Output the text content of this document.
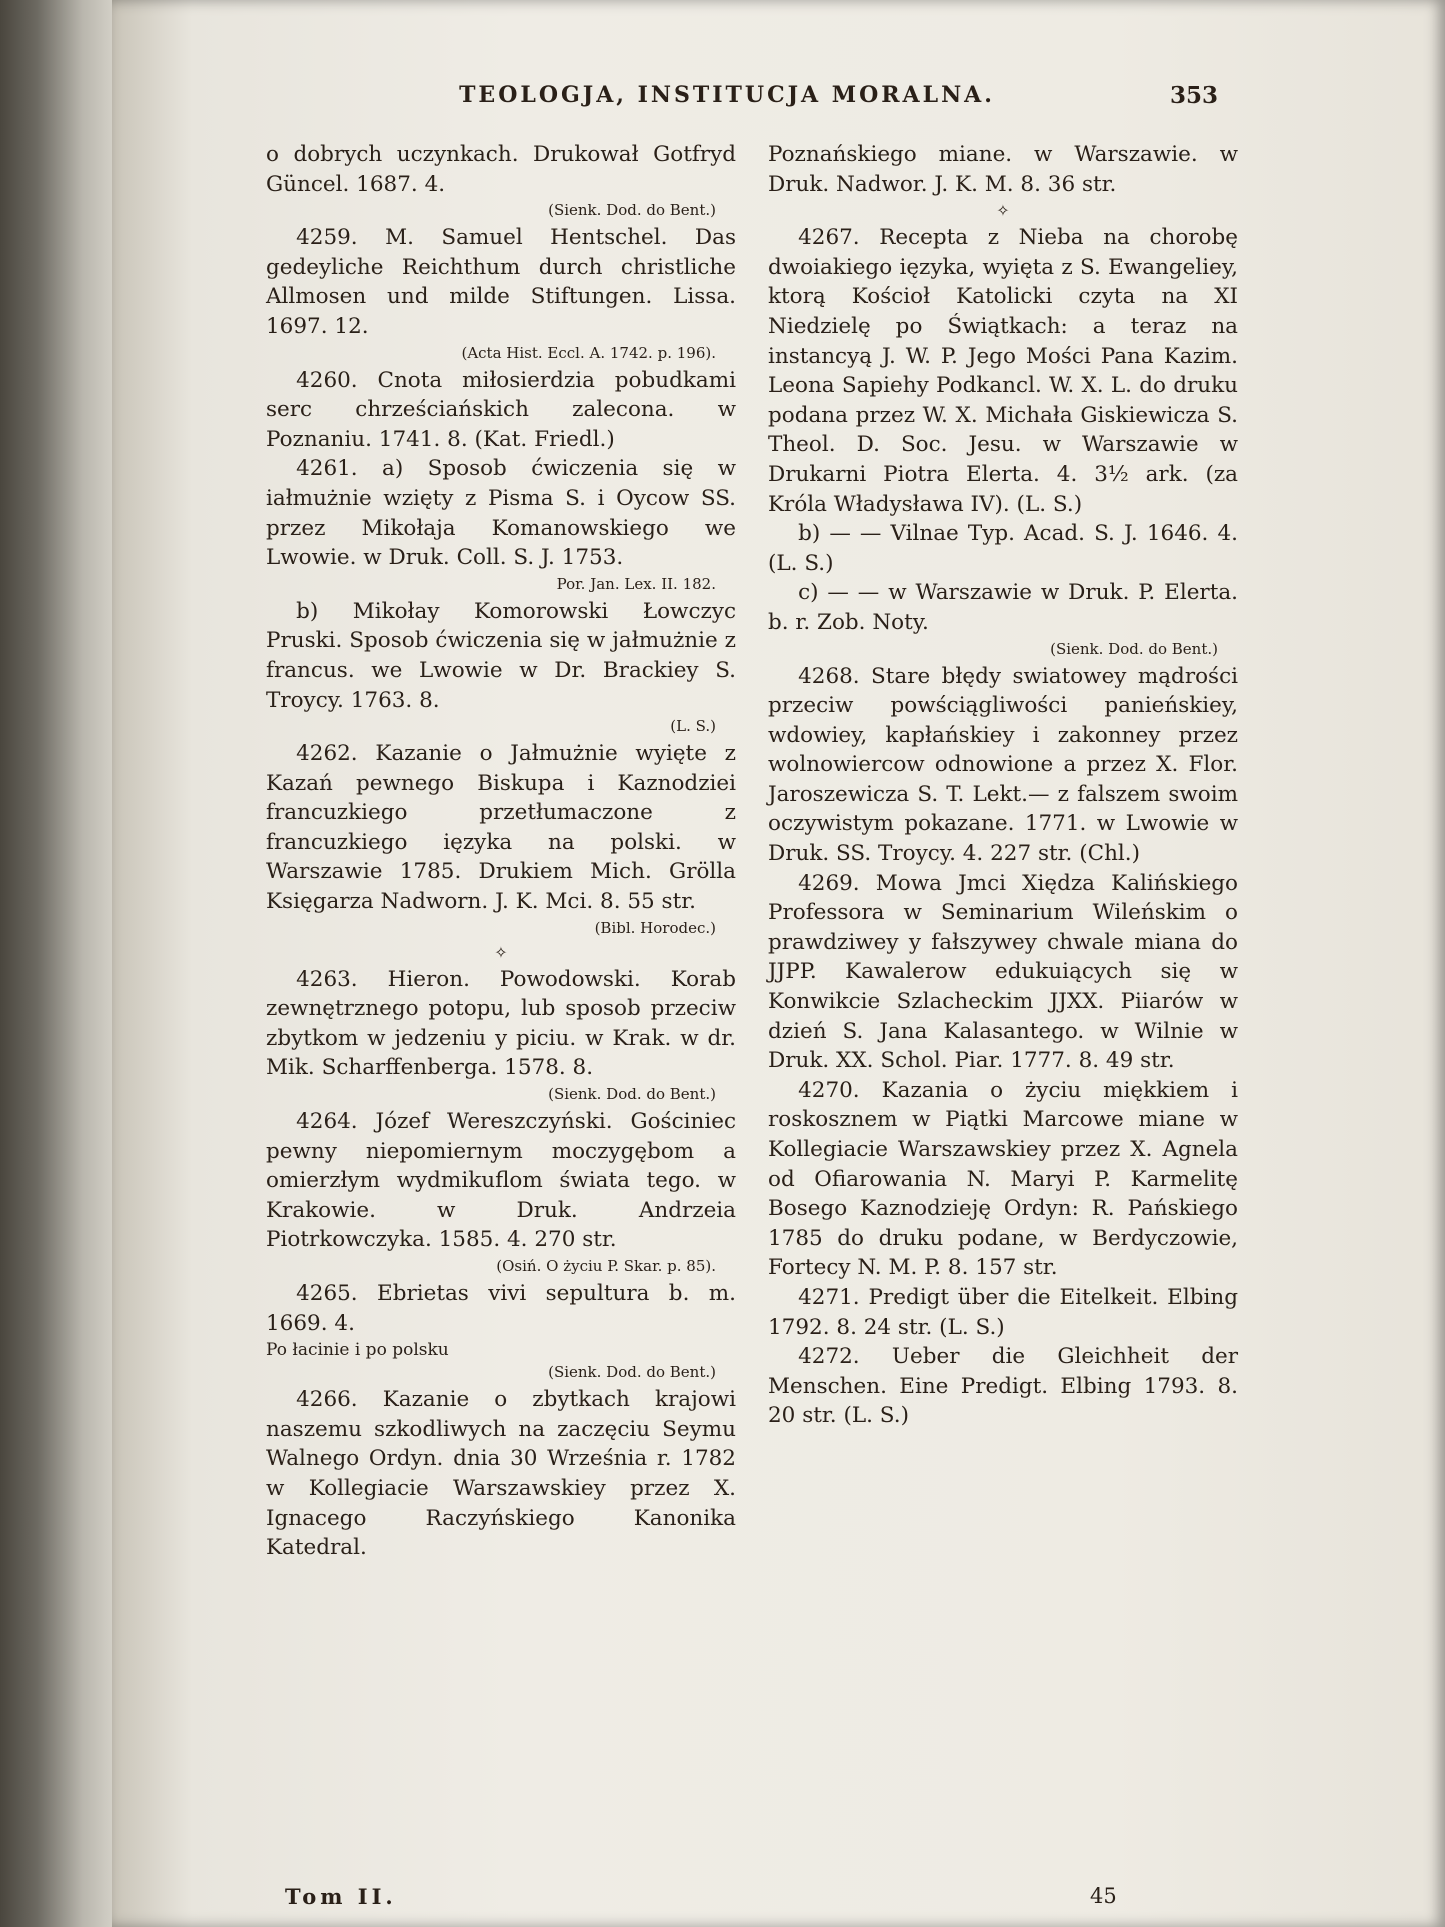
TEOLOGJA, INSTITUCJA MORALNA.	353

o dobrych uczynkach. Drukował Gotfryd Güncel. 1687. 4.

(Sienk. Dod. do Bent.)

4259. M. Samuel Hentschel. Das gedeyliche Reichthum durch christliche Allmosen und milde Stiftungen. Lissa. 1697. 12.

(Acta Hist. Eccl. A. 1742. p. 196).

4260. Cnota miłosierdzia pobudkami serc chrześciańskich zalecona. w Poznaniu. 1741. 8. (Kat. Friedl.)

4261. a) Sposob ćwiczenia się w iałmużnie wzięty z Pisma S. i Oycow SS. przez Mikołaja Komanowskiego we Lwowie. w Druk. Coll. S. J. 1753.

Por. Jan. Lex. II. 182.

b) Mikołay Komorowski Łowczyc Pruski. Sposob ćwiczenia się w jałmużnie z francus. we Lwowie w Dr. Brackiey S. Troycy. 1763. 8.

(L. S.)

4262. Kazanie o Jałmużnie wyięte z Kazań pewnego Biskupa i Kaznodziei francuzkiego przetłumaczone z francuzkiego ięzyka na polski. w Warszawie 1785. Drukiem Mich. Grölla Księgarza Nadworn. J. K. Mci. 8. 55 str.

(Bibl. Horodec.)
✧

4263. Hieron. Powodowski. Korab zewnętrznego potopu, lub sposob przeciw zbytkom w jedzeniu y piciu. w Krak. w dr. Mik. Scharffenberga. 1578. 8.

(Sienk. Dod. do Bent.)

4264. Józef Wereszczyński. Gościniec pewny niepomiernym moczygębom a omierzłym wydmikuflom świata tego. w Krakowie. w Druk. Andrzeia Piotrkowczyka. 1585. 4. 270 str.

(Osiń. O życiu P. Skar. p. 85).

4265. Ebrietas vivi sepultura b. m. 1669. 4.

Po łacinie i po polsku
(Sienk. Dod. do Bent.)

4266. Kazanie o zbytkach krajowi naszemu szkodliwych na zaczęciu Seymu Walnego Ordyn. dnia 30 Września r. 1782 w Kollegiacie Warszawskiey przez X. Ignacego Raczyńskiego Kanonika Katedral.

Poznańskiego miane. w Warszawie. w Druk. Nadwor. J. K. M. 8. 36 str.

✧

4267. Recepta z Nieba na chorobę dwoiakiego ięzyka, wyięta z S. Ewangeliey, ktorą Kościoł Katolicki czyta na XI Niedzielę po Świątkach: a teraz na instancyą J. W. P. Jego Mości Pana Kazim. Leona Sapiehy Podkancl. W. X. L. do druku podana przez W. X. Michała Giskiewicza S. Theol. D. Soc. Jesu. w Warszawie w Drukarni Piotra Elerta. 4. 3½ ark. (za Króla Władysława IV). (L. S.)

b) — — Vilnae Typ. Acad. S. J. 1646. 4. (L. S.)

c) — — w Warszawie w Druk. P. Elerta. b. r. Zob. Noty.

(Sienk. Dod. do Bent.)

4268. Stare błędy swiatowey mądrości przeciw powściągliwości panieńskiey, wdowiey, kapłańskiey i zakonney przez wolnowiercow odnowione a przez X. Flor. Jaroszewicza S. T. Lekt.— z falszem swoim oczywistym pokazane. 1771. w Lwowie w Druk. SS. Troycy. 4. 227 str. (Chl.)

4269. Mowa Jmci Xiędza Kalińskiego Professora w Seminarium Wileńskim o prawdziwey y fałszywey chwale miana do JJPP. Kawalerow edukuiących się w Konwikcie Szlacheckim JJXX. Piiarów w dzień S. Jana Kalasantego. w Wilnie w Druk. XX. Schol. Piar. 1777. 8. 49 str.

4270. Kazania o życiu miękkiem i roskosznem w Piątki Marcowe miane w Kollegiacie Warszawskiey przez X. Agnela od Ofiarowania N. Maryi P. Karmelitę Bosego Kaznodzieję Ordyn: R. Pańskiego 1785 do druku podane, w Berdyczowie, Fortecy N. M. P. 8. 157 str.

4271. Predigt über die Eitelkeit. Elbing 1792. 8. 24 str. (L. S.)

4272. Ueber die Gleichheit der Menschen. Eine Predigt. Elbing 1793. 8. 20 str. (L. S.)

Tom II.	45
